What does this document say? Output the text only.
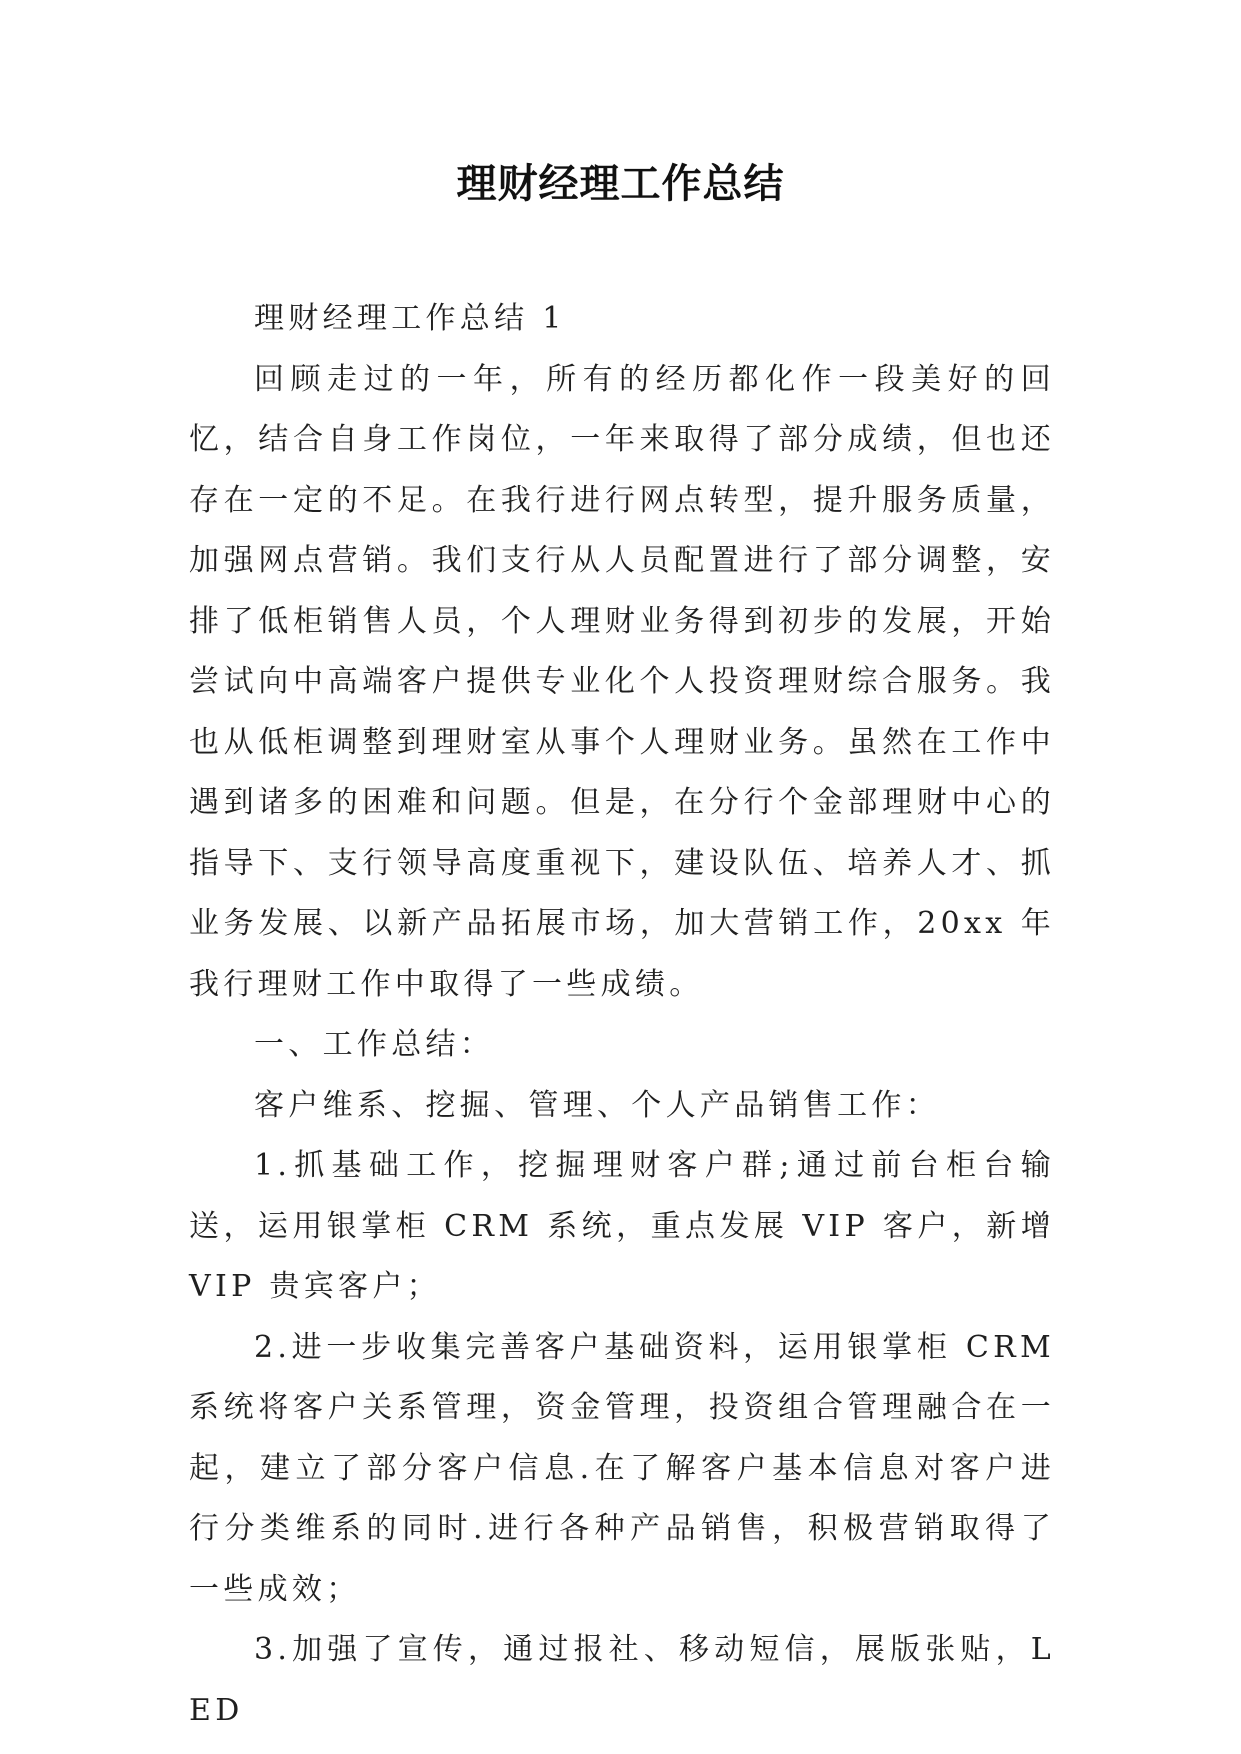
理财经理工作总结

理财经理工作总结 1

回顾走过的一年，所有的经历都化作一段美好的回忆，结合自身工作岗位，一年来取得了部分成绩，但也还存在一定的不足。在我行进行网点转型，提升服务质量，加强网点营销。我们支行从人员配置进行了部分调整，安排了低柜销售人员，个人理财业务得到初步的发展，开始尝试向中高端客户提供专业化个人投资理财综合服务。我也从低柜调整到理财室从事个人理财业务。虽然在工作中遇到诸多的困难和问题。但是，在分行个金部理财中心的指导下、支行领导高度重视下，建设队伍、培养人才、抓业务发展、以新产品拓展市场，加大营销工作，20xx 年我行理财工作中取得了一些成绩。

一、工作总结：

客户维系、挖掘、管理、个人产品销售工作：

1.抓基础工作，挖掘理财客户群;通过前台柜台输送，运用银掌柜 CRM 系统，重点发展 VIP 客户，新增 VIP 贵宾客户；

2.进一步收集完善客户基础资料，运用银掌柜 CRM 系统将客户关系管理，资金管理，投资组合管理融合在一起，建立了部分客户信息.在了解客户基本信息对客户进行分类维系的同时.进行各种产品销售，积极营销取得了一些成效；

3.加强了宣传，通过报社、移动短信，展版张贴，LED
